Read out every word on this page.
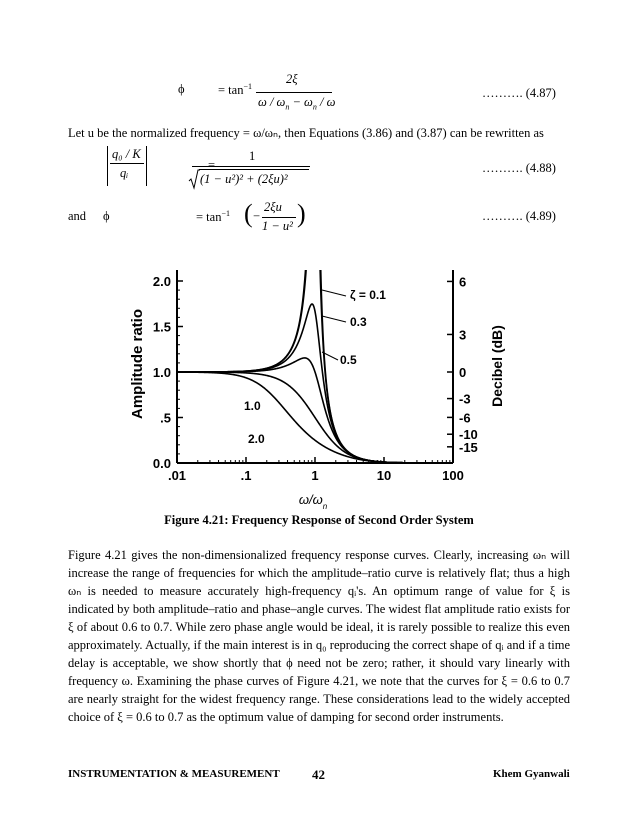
ϕ	= $\tan^{-1}$
2ξ
$\omega / \omega_n - \omega_n / \omega$
………. (4.87)
Let u be the normalized frequency = ω/ωₙ, then Equations (3.86) and (3.87) can be rewritten as
q₀ / K
qᵢ
=
1
(1 − u²)² + (2ξu)²
………. (4.88)
and ϕ	= $\tan^{-1}$ ( −
2ξu
1 − u² )	………. (4.89)
Amplitude ratio	Decibel (dB)
$\omega/\omega_n$
0.0
.5
1.0
1.5
2.0
.01	.1	1	10	100
6
3
0
-3
-6
-10
-15
ζ = 0.1
0.3
0.5
1.0
2.0
Figure 4.21: Frequency Response of Second Order System
Figure 4.21 gives the non-dimensionalized frequency response curves. Clearly, increasing ωₙ will increase the range of frequencies for which the amplitude–ratio curve is relatively flat; thus a high ωₙ is needed to measure accurately high-frequency qᵢ's. An optimum range of value for ξ is indicated by both amplitude–ratio and phase–angle curves. The widest flat amplitude ratio exists for ξ of about 0.6 to 0.7. While zero phase angle would be ideal, it is rarely possible to realize this even approximately. Actually, if the main interest is in q₀ reproducing the correct shape of qᵢ and if a time delay is acceptable, we show shortly that ϕ need not be zero; rather, it should vary linearly with frequency ω. Examining the phase curves of Figure 4.21, we note that the curves for ξ = 0.6 to 0.7 are nearly straight for the widest frequency range. These considerations lead to the widely accepted choice of ξ = 0.6 to 0.7 as the optimum value of damping for second order instruments.
INSTRUMENTATION & MEASUREMENT 42	Khem Gyanwali
